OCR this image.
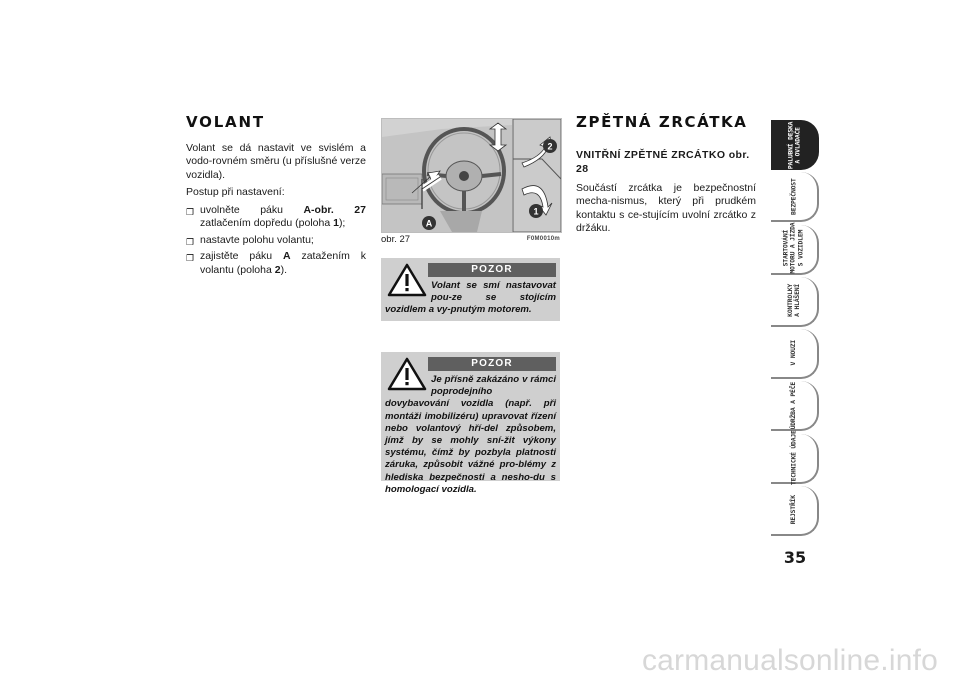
VOLANT

Volant se dá nastavit ve svislém a vodo-rovném směru (u příslušné verze vozidla).

Postup při nastavení:

❐ uvolněte páku A-obr. 27 zatlačením dopředu (poloha 1);
❐ nastavte polohu volantu;
❐ zajistěte páku A zatažením k volantu (poloha 2).
A
1
2
obr. 27	F0M0010m
POZOR
Volant se smí nastavovat pou-ze se stojícím vozidlem a vy-pnutým motorem.
POZOR
Je přísně zakázáno v rámci poprodejního dovybavování vozidla (např. při montáži imobilizéru) upravovat řízení nebo volantový hří-del způsobem, jímž by se mohly sní-žit výkony systému, čímž by pozbyla platnosti záruka, způsobit vážné pro-blémy z hlediska bezpečnosti a nesho-du s homologací vozidla.
ZPĚTNÁ ZRCÁTKA

VNITŘNÍ ZPĚTNÉ ZRCÁTKO obr. 28

Součástí zrcátka je bezpečnostní mecha-nismus, který při prudkém kontaktu s ce-stujícím uvolní zrcátko z držáku.

PALUBNÍ DESKA
A OVLADAČE
BEZPEČNOST
STARTOVÁNÍ
MOTORU A JÍZDA
S VOZIDLEM
KONTROLKY
A HLÁŠENÍ
V NOUZI
ÚDRŽBA A PÉČE
TECHNICKÉ ÚDAJE
REJSTŘÍK
35
carmanualsonline.info
